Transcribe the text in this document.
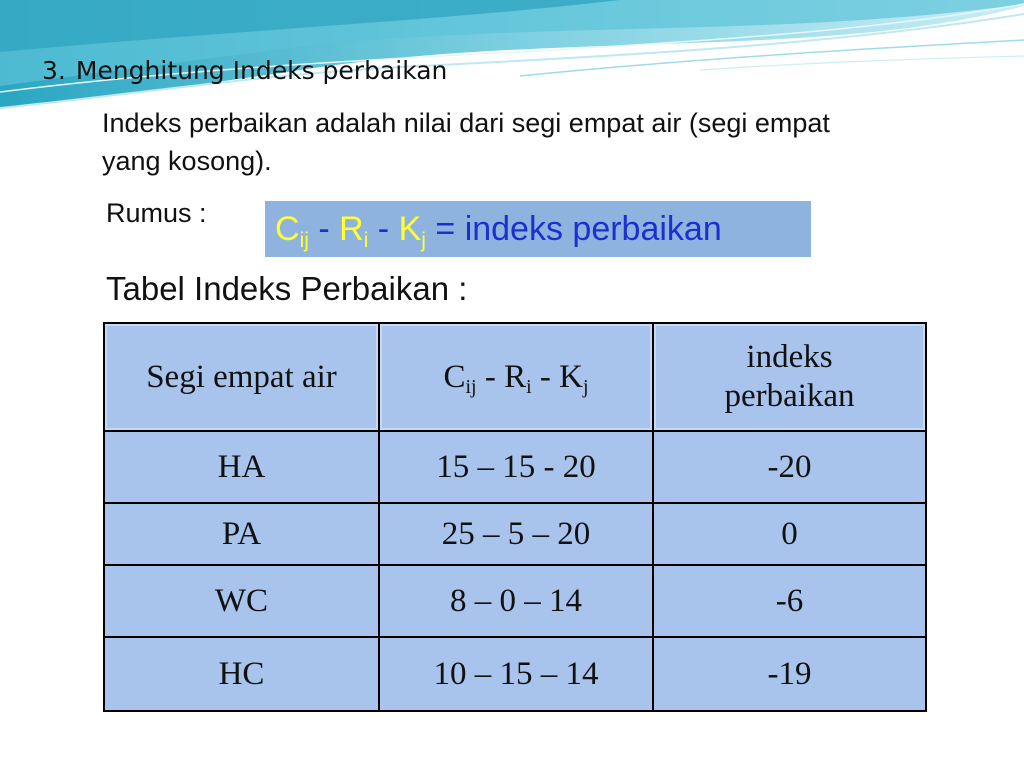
3. Menghitung Indeks perbaikan
Indeks perbaikan adalah nilai dari segi empat air (segi empat yang kosong).
Rumus : $C_{ij} - R_i - K_j$ = indeks perbaikan
Tabel Indeks Perbaikan :
Segi empat air	$C_{ij} - R_i - K_j$	indeks perbaikan
HA	15 – 15 - 20	-20
PA	25 – 5 – 20	0
WC	8 – 0 – 14	-6
HC	10 – 15 – 14	-19
